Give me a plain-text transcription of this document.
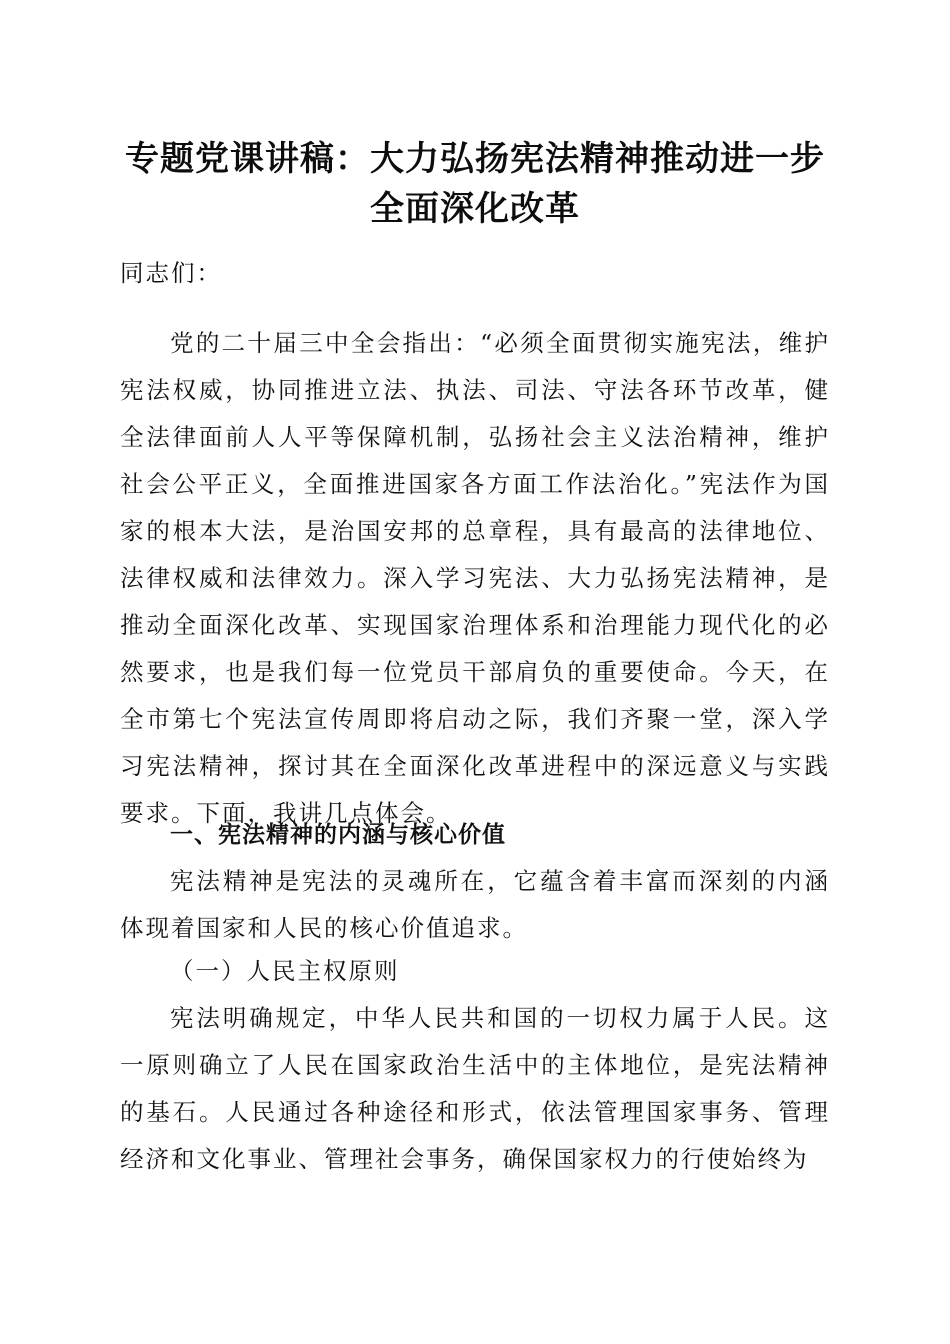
专题党课讲稿：大力弘扬宪法精神推动进一步
全面深化改革
同志们：
党的二十届三中全会指出：“必须全面贯彻实施宪法，维护宪法权威，协同推进立法、执法、司法、守法各环节改革，健全法律面前人人平等保障机制，弘扬社会主义法治精神，维护社会公平正义，全面推进国家各方面工作法治化。”宪法作为国家的根本大法，是治国安邦的总章程，具有最高的法律地位、法律权威和法律效力。深入学习宪法、大力弘扬宪法精神，是推动全面深化改革、实现国家治理体系和治理能力现代化的必然要求，也是我们每一位党员干部肩负的重要使命。今天，在全市第七个宪法宣传周即将启动之际，我们齐聚一堂，深入学习宪法精神，探讨其在全面深化改革进程中的深远意义与实践要求。下面，我讲几点体会。
一、宪法精神的内涵与核心价值
宪法精神是宪法的灵魂所在，它蕴含着丰富而深刻的内涵体现着国家和人民的核心价值追求。
（一）人民主权原则
宪法明确规定，中华人民共和国的一切权力属于人民。这一原则确立了人民在国家政治生活中的主体地位，是宪法精神的基石。人民通过各种途径和形式，依法管理国家事务、管理经济和文化事业、管理社会事务，确保国家权力的行使始终为
